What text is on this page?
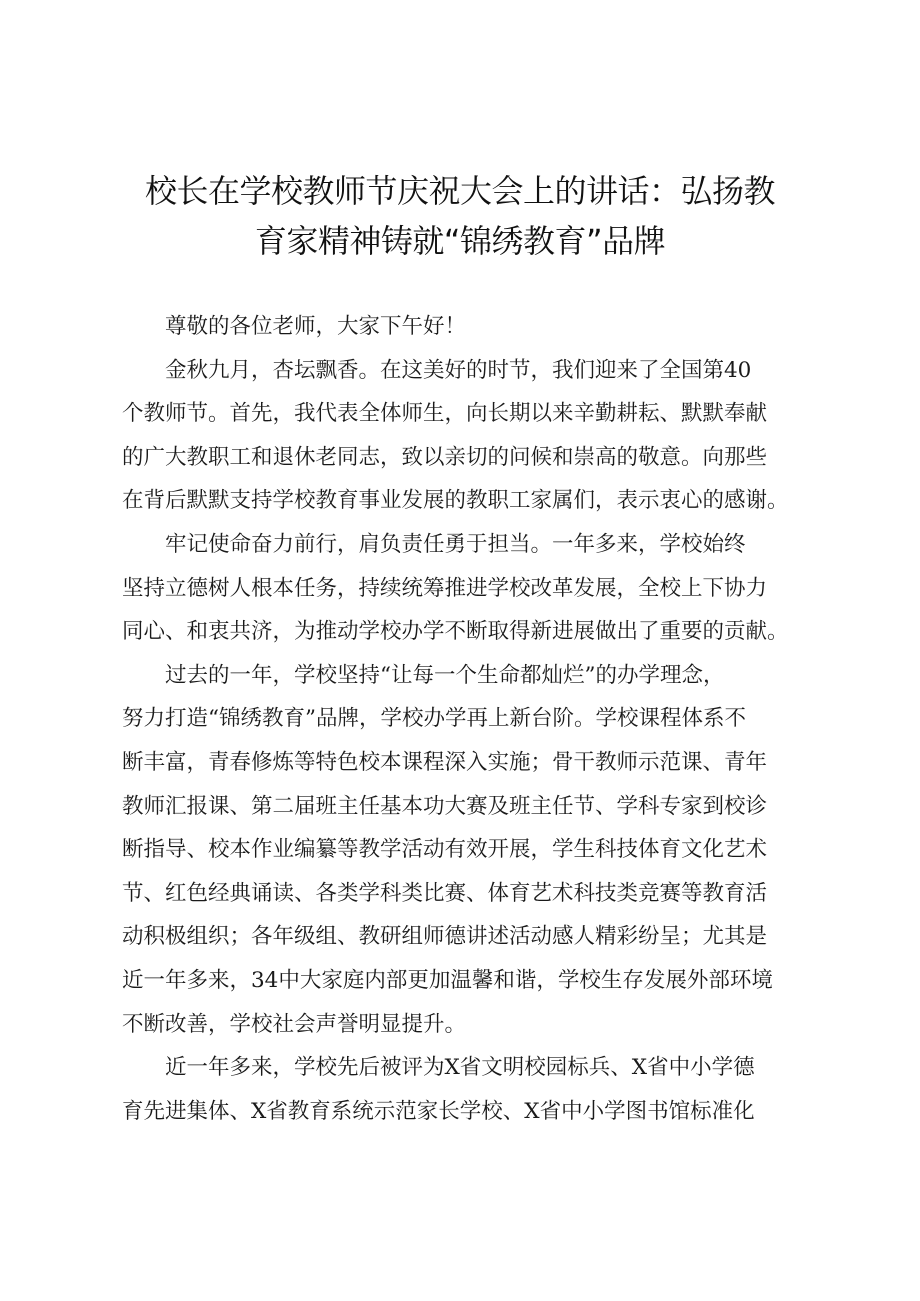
校长在学校教师节庆祝大会上的讲话：弘扬教
育家精神铸就“锦绣教育”品牌
尊敬的各位老师，大家下午好！
金秋九月，杏坛飘香。在这美好的时节，我们迎来了全国第40
个教师节。首先，我代表全体师生，向长期以来辛勤耕耘、默默奉献
的广大教职工和退休老同志，致以亲切的问候和崇高的敬意。向那些
在背后默默支持学校教育事业发展的教职工家属们，表示衷心的感谢。
牢记使命奋力前行，肩负责任勇于担当。一年多来，学校始终
坚持立德树人根本任务，持续统筹推进学校改革发展，全校上下协力
同心、和衷共济，为推动学校办学不断取得新进展做出了重要的贡献。
过去的一年，学校坚持“让每一个生命都灿烂”的办学理念，
努力打造“锦绣教育”品牌，学校办学再上新台阶。学校课程体系不
断丰富，青春修炼等特色校本课程深入实施；骨干教师示范课、青年
教师汇报课、第二届班主任基本功大赛及班主任节、学科专家到校诊
断指导、校本作业编纂等教学活动有效开展，学生科技体育文化艺术
节、红色经典诵读、各类学科类比赛、体育艺术科技类竞赛等教育活
动积极组织；各年级组、教研组师德讲述活动感人精彩纷呈；尤其是
近一年多来，34中大家庭内部更加温馨和谐，学校生存发展外部环境
不断改善，学校社会声誉明显提升。
近一年多来，学校先后被评为X省文明校园标兵、X省中小学德
育先进集体、X省教育系统示范家长学校、X省中小学图书馆标准化
